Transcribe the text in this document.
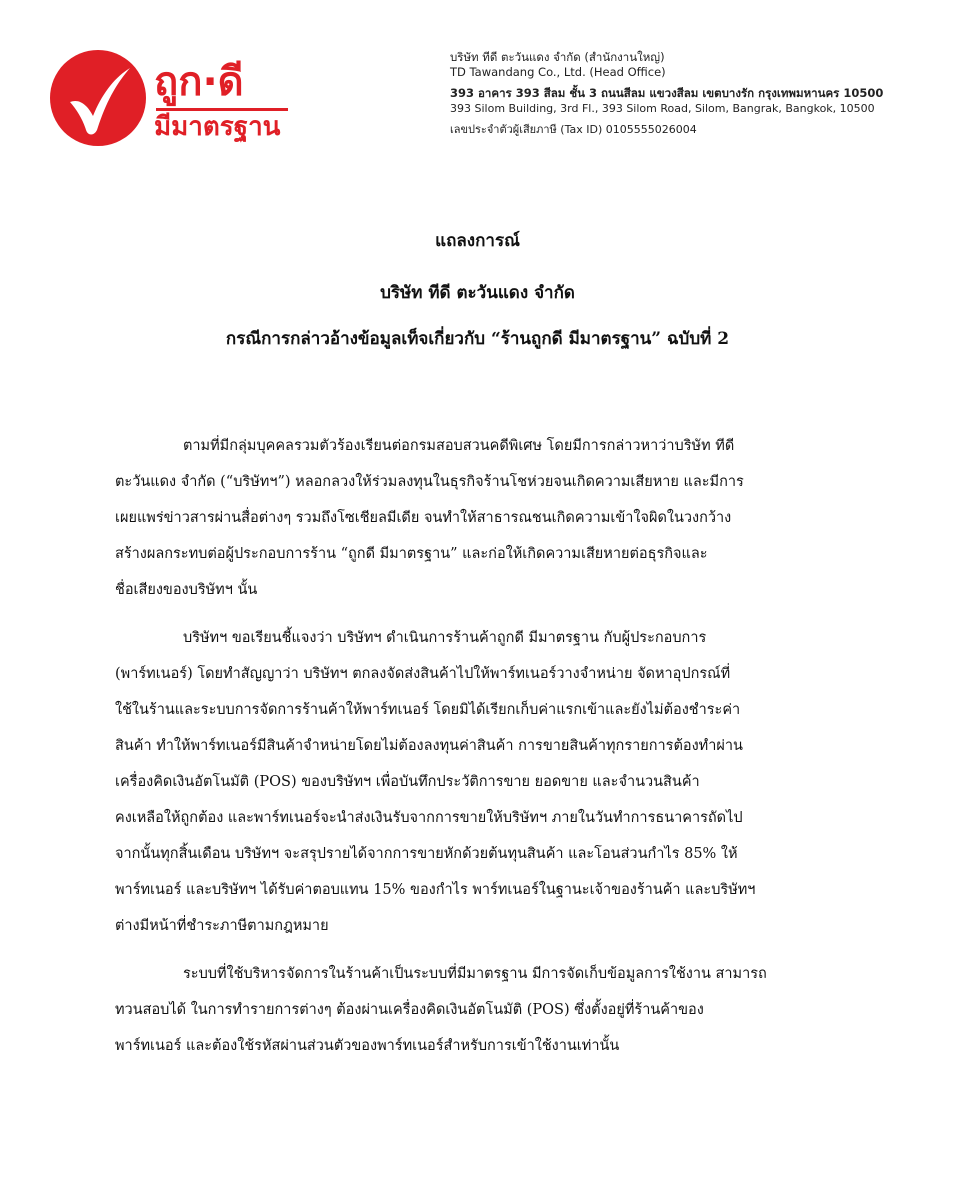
ถูก·ดี
มีมาตรฐาน
บริษัท ทีดี ตะวันแดง จำกัด (สำนักงานใหญ่)
TD Tawandang Co., Ltd. (Head Office)
393 อาคาร 393 สีลม ชั้น 3 ถนนสีลม แขวงสีลม เขตบางรัก กรุงเทพมหานคร 10500
393 Silom Building, 3rd Fl., 393 Silom Road, Silom, Bangrak, Bangkok, 10500
เลขประจำตัวผู้เสียภาษี (Tax ID) 0105555026004
แถลงการณ์
บริษัท ทีดี ตะวันแดง จำกัด
กรณีการกล่าวอ้างข้อมูลเท็จเกี่ยวกับ “ร้านถูกดี มีมาตรฐาน” ฉบับที่ 2

ตามที่มีกลุ่มบุคคลรวมตัวร้องเรียนต่อกรมสอบสวนคดีพิเศษ โดยมีการกล่าวหาว่าบริษัท ทีดี

ตะวันแดง จำกัด (“บริษัทฯ”) หลอกลวงให้ร่วมลงทุนในธุรกิจร้านโชห่วยจนเกิดความเสียหาย และมีการ

เผยแพร่ข่าวสารผ่านสื่อต่างๆ รวมถึงโซเชียลมีเดีย จนทำให้สาธารณชนเกิดความเข้าใจผิดในวงกว้าง

สร้างผลกระทบต่อผู้ประกอบการร้าน “ถูกดี มีมาตรฐาน” และก่อให้เกิดความเสียหายต่อธุรกิจและ

ชื่อเสียงของบริษัทฯ นั้น

บริษัทฯ ขอเรียนชี้แจงว่า บริษัทฯ ดำเนินการร้านค้าถูกดี มีมาตรฐาน กับผู้ประกอบการ

(พาร์ทเนอร์) โดยทำสัญญาว่า บริษัทฯ ตกลงจัดส่งสินค้าไปให้พาร์ทเนอร์วางจำหน่าย จัดหาอุปกรณ์ที่

ใช้ในร้านและระบบการจัดการร้านค้าให้พาร์ทเนอร์ โดยมิได้เรียกเก็บค่าแรกเข้าและยังไม่ต้องชำระค่า

สินค้า ทำให้พาร์ทเนอร์มีสินค้าจำหน่ายโดยไม่ต้องลงทุนค่าสินค้า การขายสินค้าทุกรายการต้องทำผ่าน

เครื่องคิดเงินอัตโนมัติ (POS) ของบริษัทฯ เพื่อบันทึกประวัติการขาย ยอดขาย และจำนวนสินค้า

คงเหลือให้ถูกต้อง และพาร์ทเนอร์จะนำส่งเงินรับจากการขายให้บริษัทฯ ภายในวันทำการธนาคารถัดไป

จากนั้นทุกสิ้นเดือน บริษัทฯ จะสรุปรายได้จากการขายหักด้วยต้นทุนสินค้า และโอนส่วนกำไร 85% ให้

พาร์ทเนอร์ และบริษัทฯ ได้รับค่าตอบแทน 15% ของกำไร พาร์ทเนอร์ในฐานะเจ้าของร้านค้า และบริษัทฯ

ต่างมีหน้าที่ชำระภาษีตามกฎหมาย

ระบบที่ใช้บริหารจัดการในร้านค้าเป็นระบบที่มีมาตรฐาน มีการจัดเก็บข้อมูลการใช้งาน สามารถ

ทวนสอบได้ ในการทำรายการต่างๆ ต้องผ่านเครื่องคิดเงินอัตโนมัติ (POS) ซึ่งตั้งอยู่ที่ร้านค้าของ

พาร์ทเนอร์ และต้องใช้รหัสผ่านส่วนตัวของพาร์ทเนอร์สำหรับการเข้าใช้งานเท่านั้น
